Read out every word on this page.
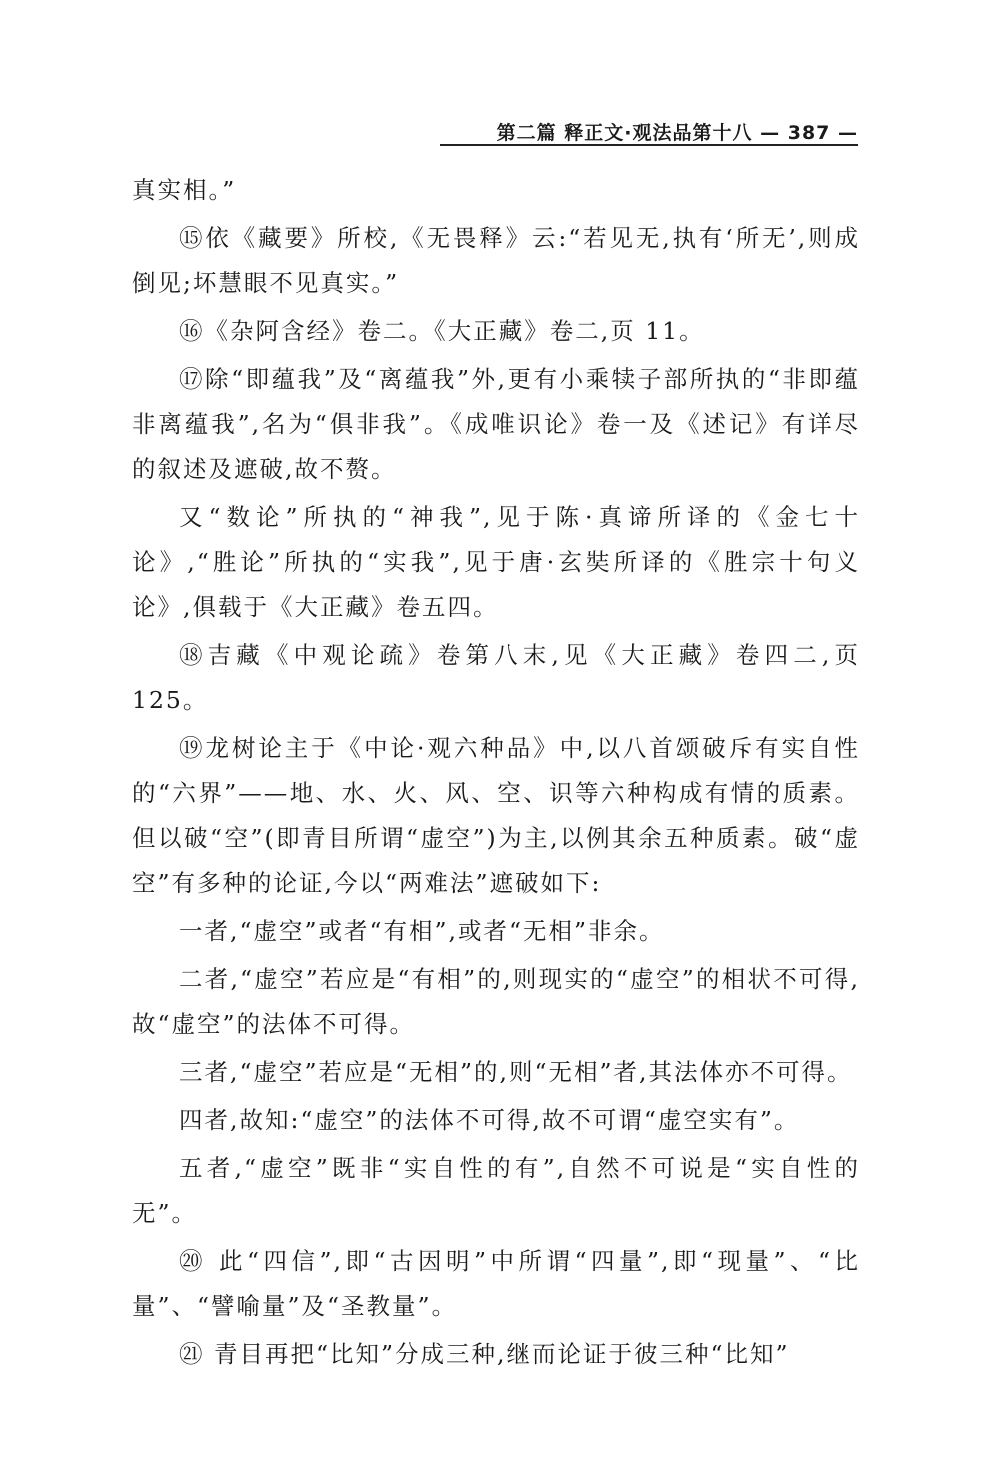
第二篇 释正文·观法品第十八 — 387 —

真实相。”

⑮依《藏要》所校,《无畏释》云:“若见无,执有‘所无’,则成倒见;坏慧眼不见真实。”

⑯《杂阿含经》卷二。《大正藏》卷二,页 11。

⑰除“即蕴我”及“离蕴我”外,更有小乘犊子部所执的“非即蕴非离蕴我”,名为“俱非我”。《成唯识论》卷一及《述记》有详尽的叙述及遮破,故不赘。

又“数论”所执的“神我”,见于陈·真谛所译的《金七十论》,“胜论”所执的“实我”,见于唐·玄奘所译的《胜宗十句义论》,俱载于《大正藏》卷五四。

⑱吉藏《中观论疏》卷第八末,见《大正藏》卷四二,页125。

⑲龙树论主于《中论·观六种品》中,以八首颂破斥有实自性的“六界”——地、水、火、风、空、识等六种构成有情的质素。但以破“空”(即青目所谓“虚空”)为主,以例其余五种质素。破“虚空”有多种的论证,今以“两难法”遮破如下:

一者,“虚空”或者“有相”,或者“无相”非余。

二者,“虚空”若应是“有相”的,则现实的“虚空”的相状不可得,故“虚空”的法体不可得。

三者,“虚空”若应是“无相”的,则“无相”者,其法体亦不可得。

四者,故知:“虚空”的法体不可得,故不可谓“虚空实有”。

五者,“虚空”既非“实自性的有”,自然不可说是“实自性的无”。

⑳ 此“四信”,即“古因明”中所谓“四量”,即“现量”、“比量”、“譬喻量”及“圣教量”。

㉑ 青目再把“比知”分成三种,继而论证于彼三种“比知”
